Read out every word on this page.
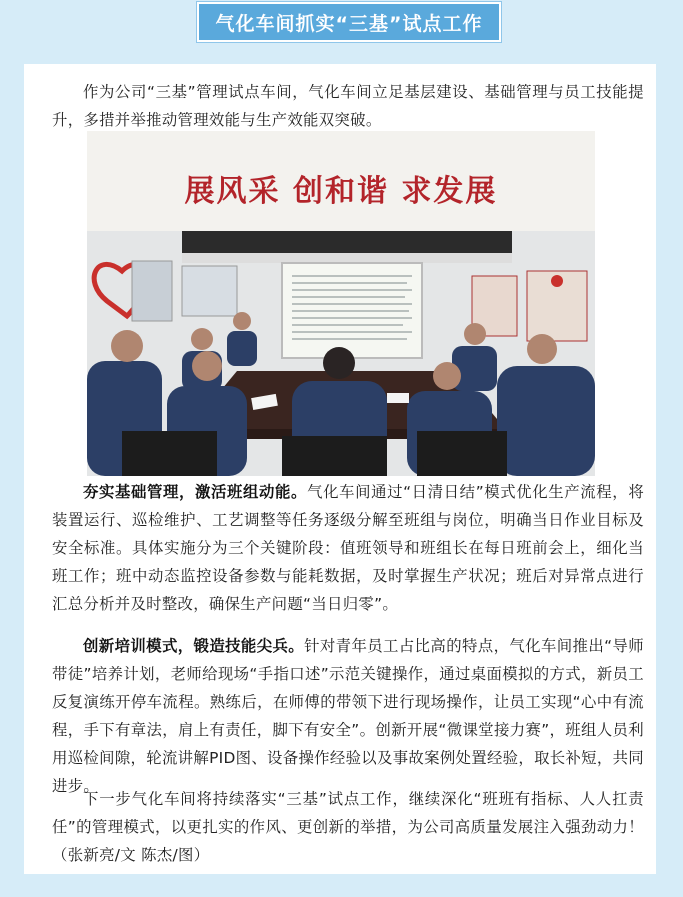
气化车间抓实“三基”试点工作

作为公司“三基”管理试点车间，气化车间立足基层建设、基础管理与员工技能提升，多措并举推动管理效能与生产效能双突破。

展风采 创和谐 求发展

夯实基础管理，激活班组动能。气化车间通过“日清日结”模式优化生产流程，将装置运行、巡检维护、工艺调整等任务逐级分解至班组与岗位，明确当日作业目标及安全标准。具体实施分为三个关键阶段：值班领导和班组长在每日班前会上，细化当班工作；班中动态监控设备参数与能耗数据，及时掌握生产状况；班后对异常点进行汇总分析并及时整改，确保生产问题“当日归零”。

创新培训模式，锻造技能尖兵。针对青年员工占比高的特点，气化车间推出“导师带徒”培养计划，老师给现场“手指口述”示范关键操作，通过桌面模拟的方式，新员工反复演练开停车流程。熟练后，在师傅的带领下进行现场操作，让员工实现“心中有流程，手下有章法，肩上有责任，脚下有安全”。创新开展“微课堂接力赛”，班组人员利用巡检间隙，轮流讲解PID图、设备操作经验以及事故案例处置经验，取长补短，共同进步。

下一步气化车间将持续落实“三基”试点工作，继续深化“班班有指标、人人扛责任”的管理模式，以更扎实的作风、更创新的举措，为公司高质量发展注入强劲动力！（张新亮/文 陈杰/图）
